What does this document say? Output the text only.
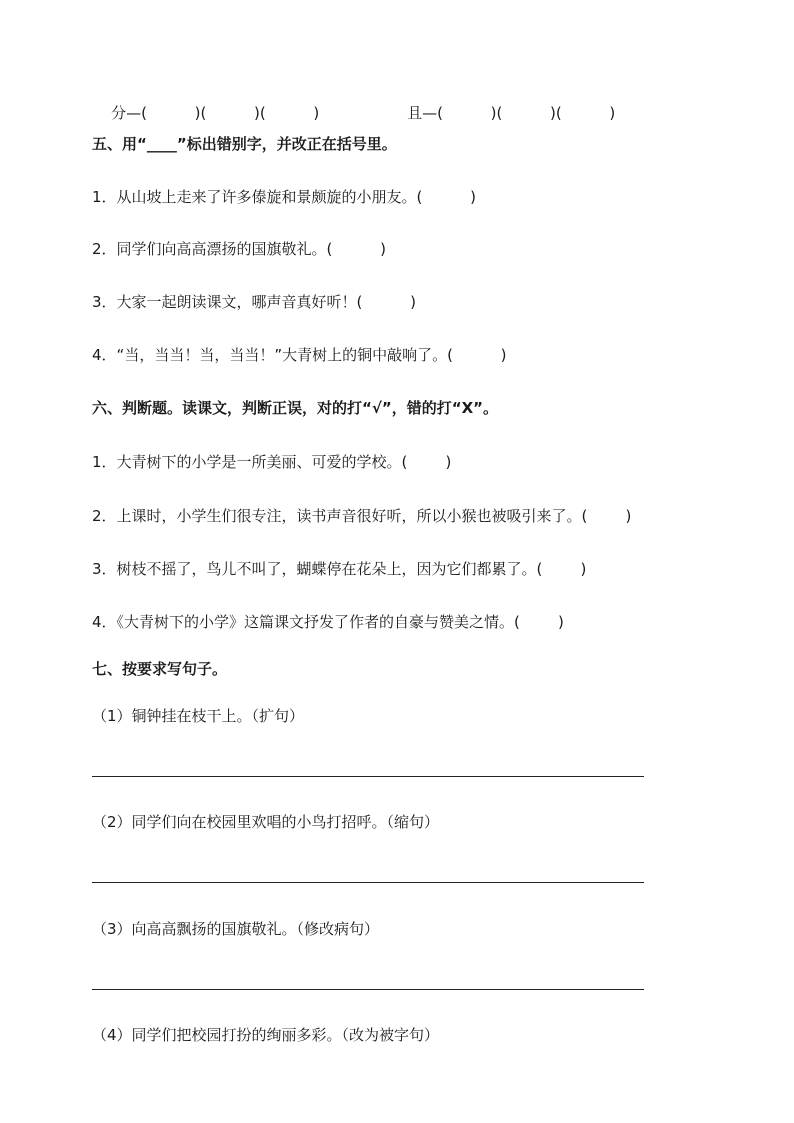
分—(          )(          )(          )
	且—(          )(          )(          )

五、用“____”标出错别字，并改正在括号里。
1．从山坡上走来了许多傣旋和景颇旋的小朋友。(          )
2．同学们向高高漂扬的国旗敬礼。(          )
3．大家一起朗读课文，哪声音真好听！(          )
4．“当，当当！当，当当！”大青树上的铜中敲响了。(          )
六、判断题。读课文，判断正误，对的打“√”，错的打“X”。
1．大青树下的小学是一所美丽、可爱的学校。(        )
2．上课时，小学生们很专注，读书声音很好听，所以小猴也被吸引来了。(        )
3．树枝不摇了，鸟儿不叫了，蝴蝶停在花朵上，因为它们都累了。(        )
4．《大青树下的小学》这篇课文抒发了作者的自豪与赞美之情。(        )
七、按要求写句子。
（1）铜钟挂在枝干上。（扩句）
（2）同学们向在校园里欢唱的小鸟打招呼。（缩句）
（3）向高高飘扬的国旗敬礼。（修改病句）
（4）同学们把校园打扮的绚丽多彩。（改为被字句）
